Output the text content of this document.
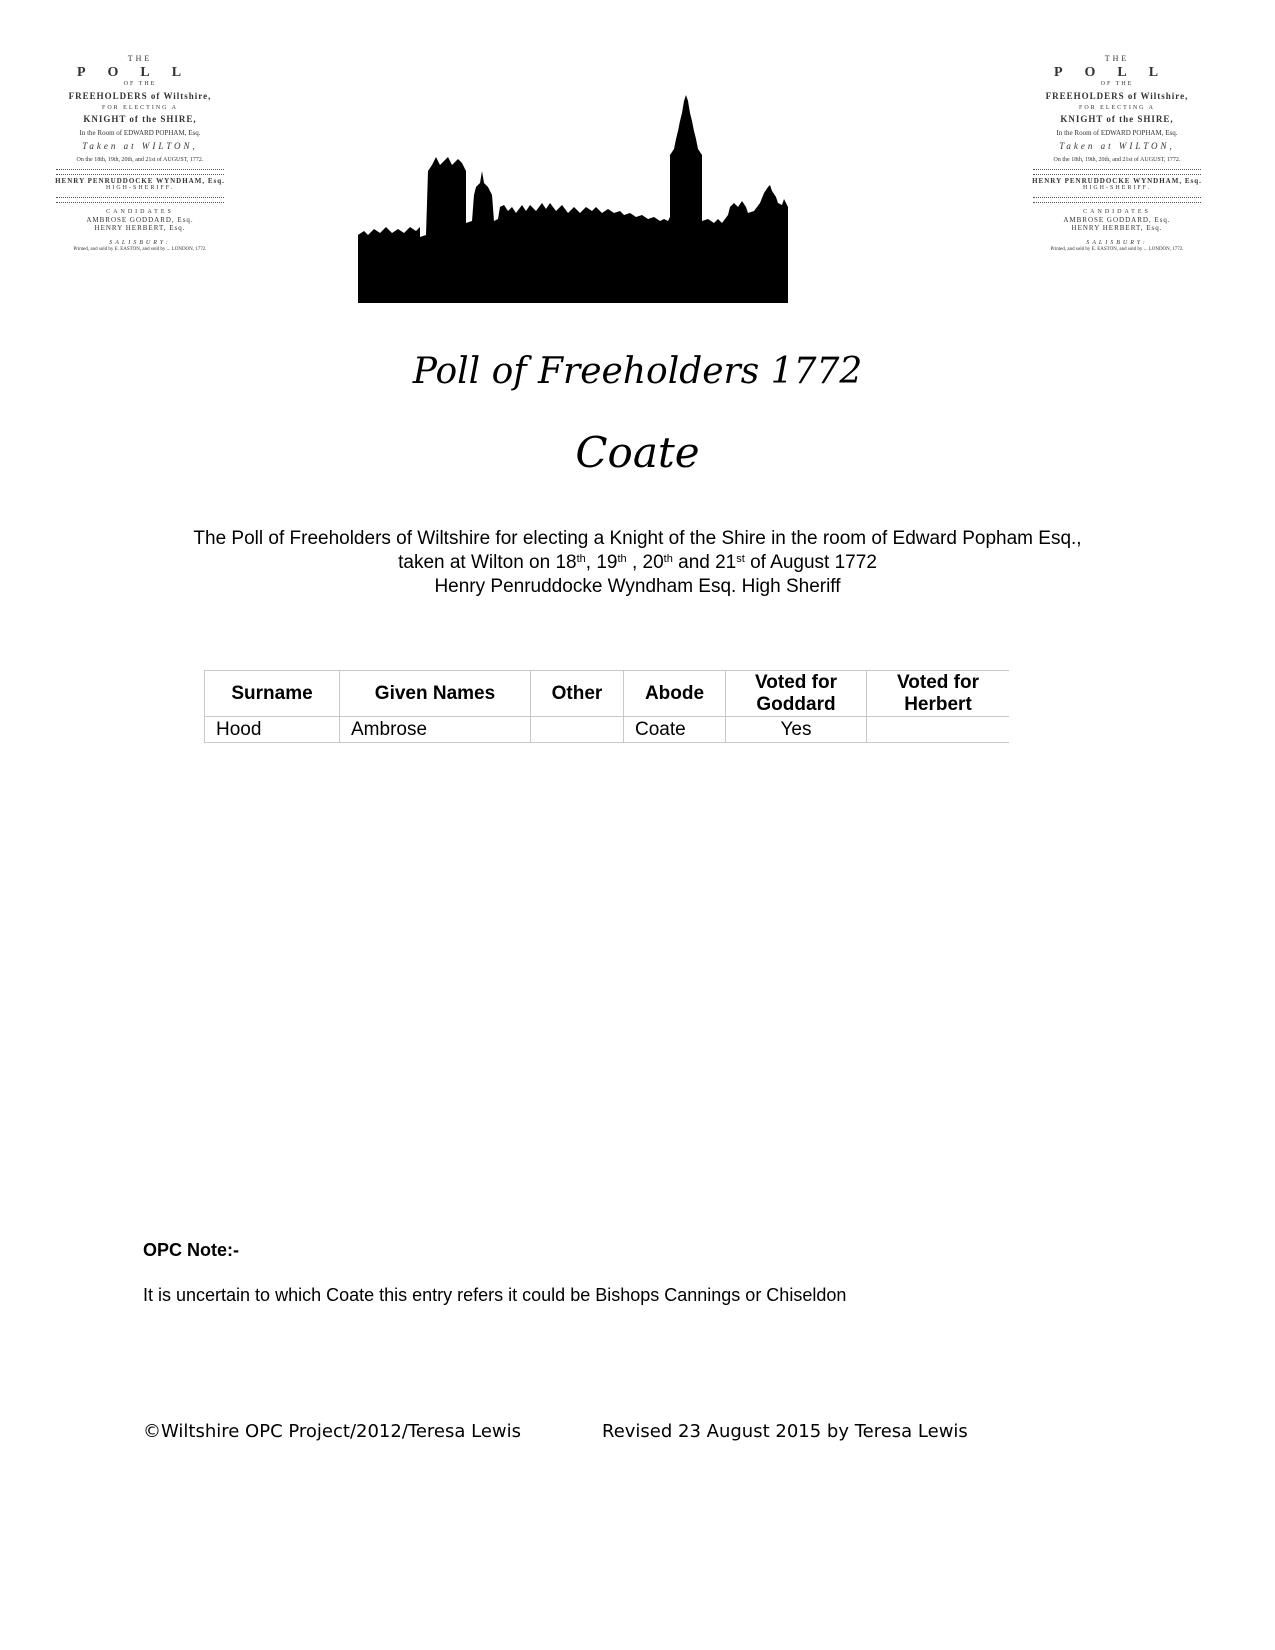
THE
POLL
OF THE
FREEHOLDERS of Wiltshire,
FOR ELECTING A
KNIGHT of the SHIRE,
In the Room of EDWARD POPHAM, Esq.
Taken at WILTON,
On the 18th, 19th, 20th, and 21st of AUGUST, 1772.
HENRY PENRUDDOCKE WYNDHAM, Esq.
HIGH-SHERIFF.
CANDIDATES
AMBROSE GODDARD, Esq.
HENRY HERBERT, Esq.
SALISBURY:
Printed, and sold by E. EASTON, and sold by ... LONDON, 1772.
THE
POLL
OF THE
FREEHOLDERS of Wiltshire,
FOR ELECTING A
KNIGHT of the SHIRE,
In the Room of EDWARD POPHAM, Esq.
Taken at WILTON,
On the 18th, 19th, 20th, and 21st of AUGUST, 1772.
HENRY PENRUDDOCKE WYNDHAM, Esq.
HIGH-SHERIFF.
CANDIDATES
AMBROSE GODDARD, Esq.
HENRY HERBERT, Esq.
SALISBURY:
Printed, and sold by E. EASTON, and sold by ... LONDON, 1772.
Poll of Freeholders 1772
Coate
The Poll of Freeholders of Wiltshire for electing a Knight of the Shire in the room of Edward Popham Esq.,
taken at Wilton on 18th, 19th , 20th and 21st of August 1772
Henry Penruddocke Wyndham Esq. High Sheriff
Surname	Given Names	Other	Abode	Voted for Goddard	Voted for Herbert
Hood	Ambrose		Coate	Yes	
OPC Note:-
It is uncertain to which Coate this entry refers it could be Bishops Cannings or Chiseldon
©Wiltshire OPC Project/2012/Teresa Lewis	Revised 23 August 2015 by Teresa Lewis
